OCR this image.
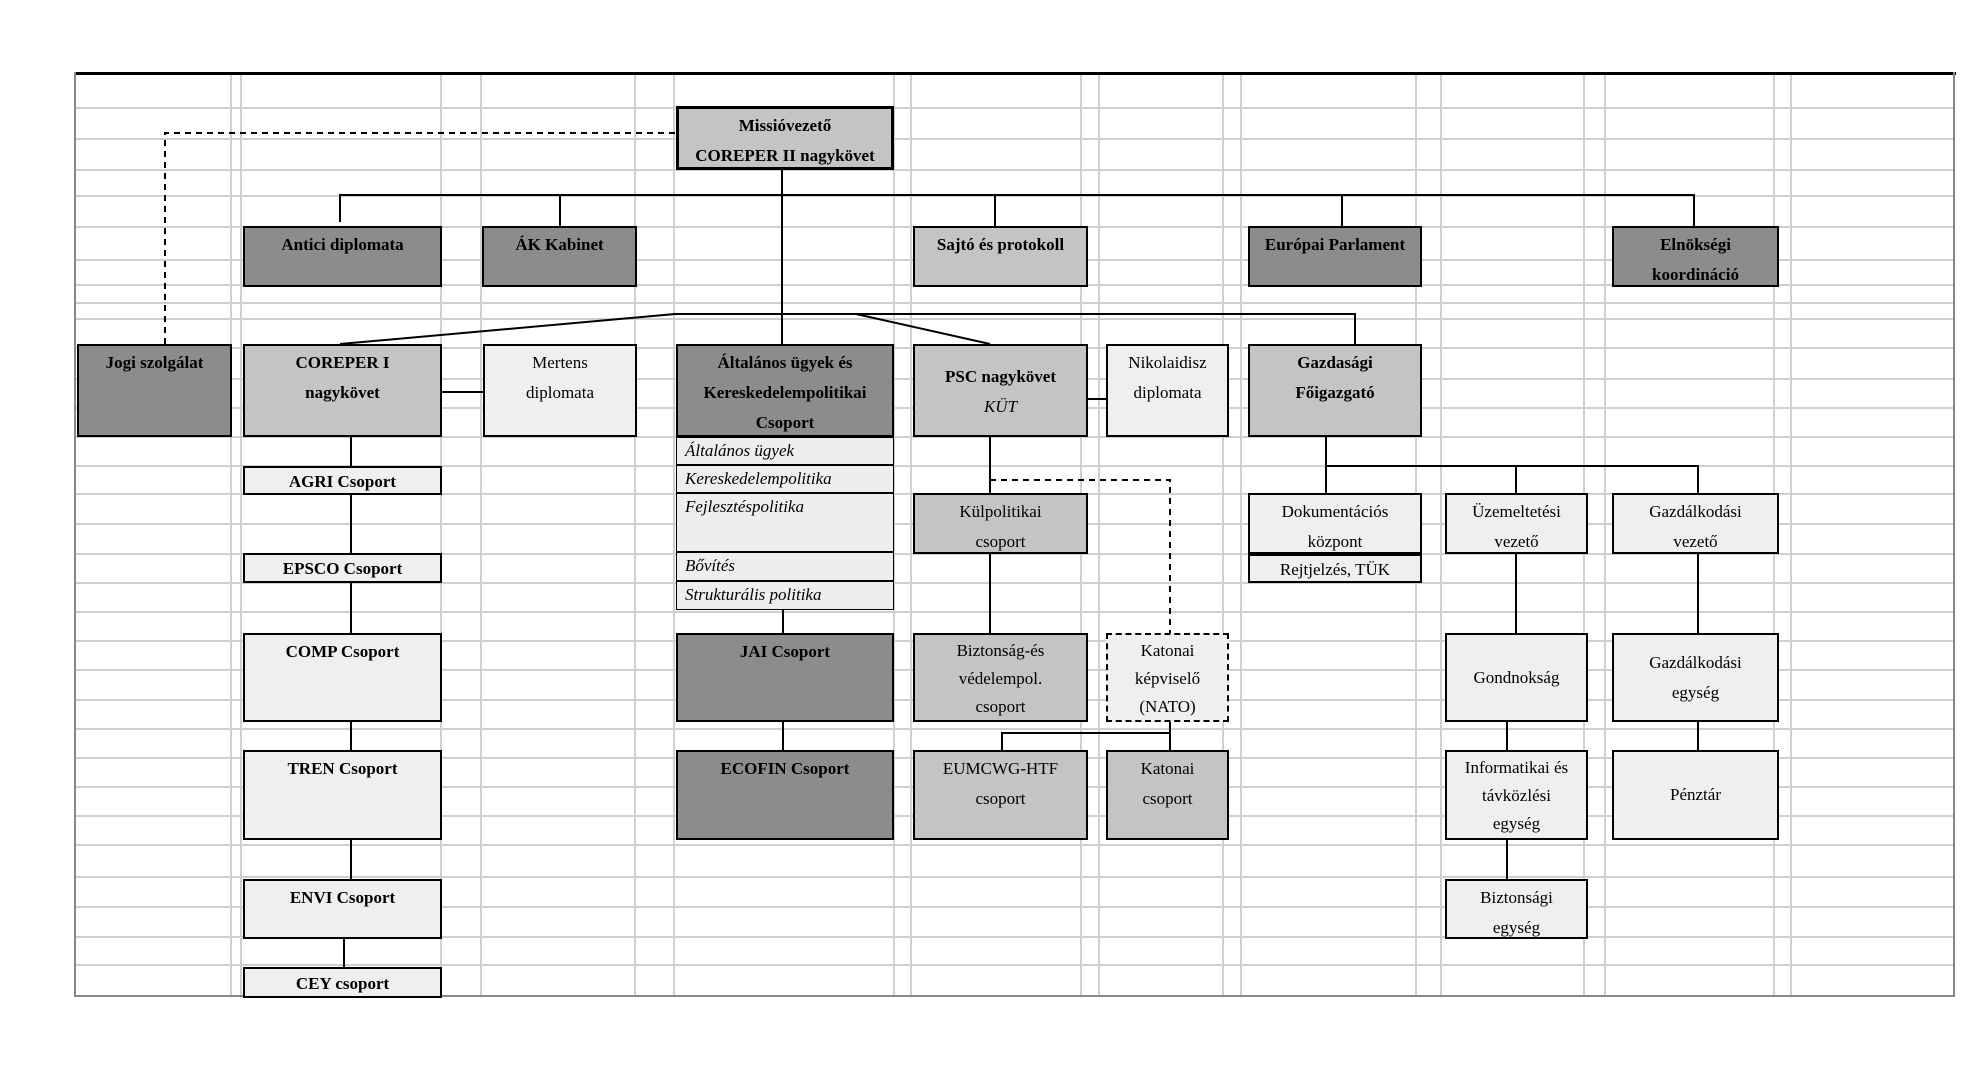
Missióvezető
COREPER II nagykövet
Antici diplomata	ÁK Kabinet	Sajtó és protokoll	Európai Parlament	Elnökségi
koordináció
Jogi szolgálat	COREPER I
nagykövet
Mertens
diplomata
Általános ügyek és
Kereskedelempolitikai
Csoport
PSC nagykövet
KÜT
Nikolaidisz
diplomata
Gazdasági
Főigazgató
AGRI Csoport
EPSCO Csoport
COMP Csoport
TREN Csoport
ENVI Csoport
CEY csoport
Általános ügyek
Kereskedelempolitika
Fejlesztéspolitika
Bővítés
Strukturális politika
JAI Csoport
ECOFIN Csoport
Külpolitikai
csoport
Biztonság-és
védelempol.
csoport
Katonai
képviselő
(NATO)
EUMCWG-HTF
csoport
Katonai
csoport
Dokumentációs
központ
Rejtjelzés, TÜK
Üzemeltetési
vezető
Gazdálkodási
vezető
Gondnokság
Gazdálkodási
egység
Informatikai és
távközlési
egység
Pénztár
Biztonsági
egység
